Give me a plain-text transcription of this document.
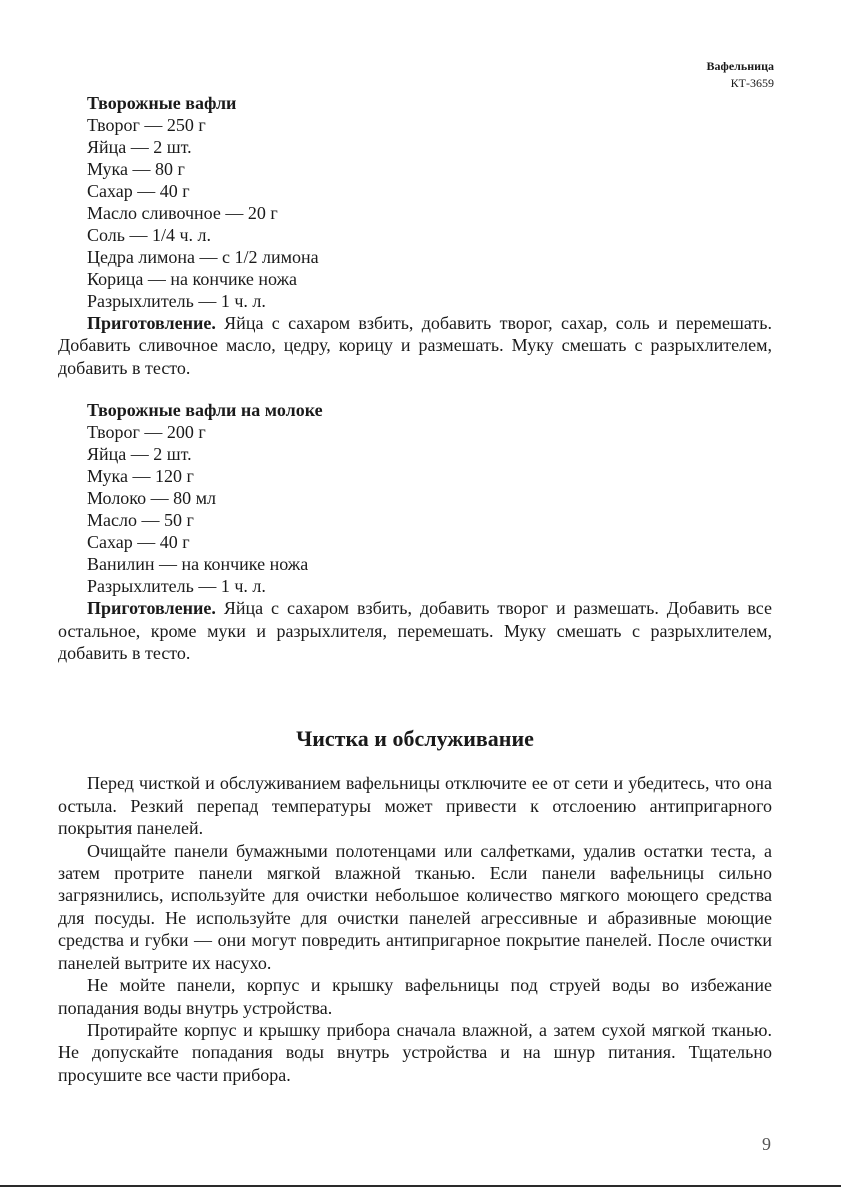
Вафельница
КТ-3659
Творожные вафли
Творог — 250 г
Яйца — 2 шт.
Мука — 80 г
Сахар — 40 г
Масло сливочное — 20 г
Соль — 1/4 ч. л.
Цедра лимона — с 1/2 лимона
Корица — на кончике ножа
Разрыхлитель — 1 ч. л.

Приготовление. Яйца с сахаром взбить, добавить творог, сахар, соль и перемешать. Добавить сливочное масло, цедру, корицу и размешать. Муку смешать с разрыхлителем, добавить в тесто.

Творожные вафли на молоке
Творог — 200 г
Яйца — 2 шт.
Мука — 120 г
Молоко — 80 мл
Масло — 50 г
Сахар — 40 г
Ванилин — на кончике ножа
Разрыхлитель — 1 ч. л.

Приготовление. Яйца с сахаром взбить, добавить творог и размешать. Добавить все остальное, кроме муки и разрыхлителя, перемешать. Муку смешать с разрыхлителем, добавить в тесто.

Чистка и обслуживание

Перед чисткой и обслуживанием вафельницы отключите ее от сети и убедитесь, что она остыла. Резкий перепад температуры может привести к отслоению антипригарного покрытия панелей.

Очищайте панели бумажными полотенцами или салфетками, удалив остатки теста, а затем протрите панели мягкой влажной тканью. Если панели вафельницы сильно загрязнились, используйте для очистки небольшое количество мягкого моющего средства для посуды. Не используйте для очистки панелей агрессивные и абразивные моющие средства и губки — они могут повредить антипригарное покрытие панелей. После очистки панелей вытрите их насухо.

Не мойте панели, корпус и крышку вафельницы под струей воды во избежание попадания воды внутрь устройства.

Протирайте корпус и крышку прибора сначала влажной, а затем сухой мягкой тканью. Не допускайте попадания воды внутрь устройства и на шнур питания. Тщательно просушите все части прибора.

9
